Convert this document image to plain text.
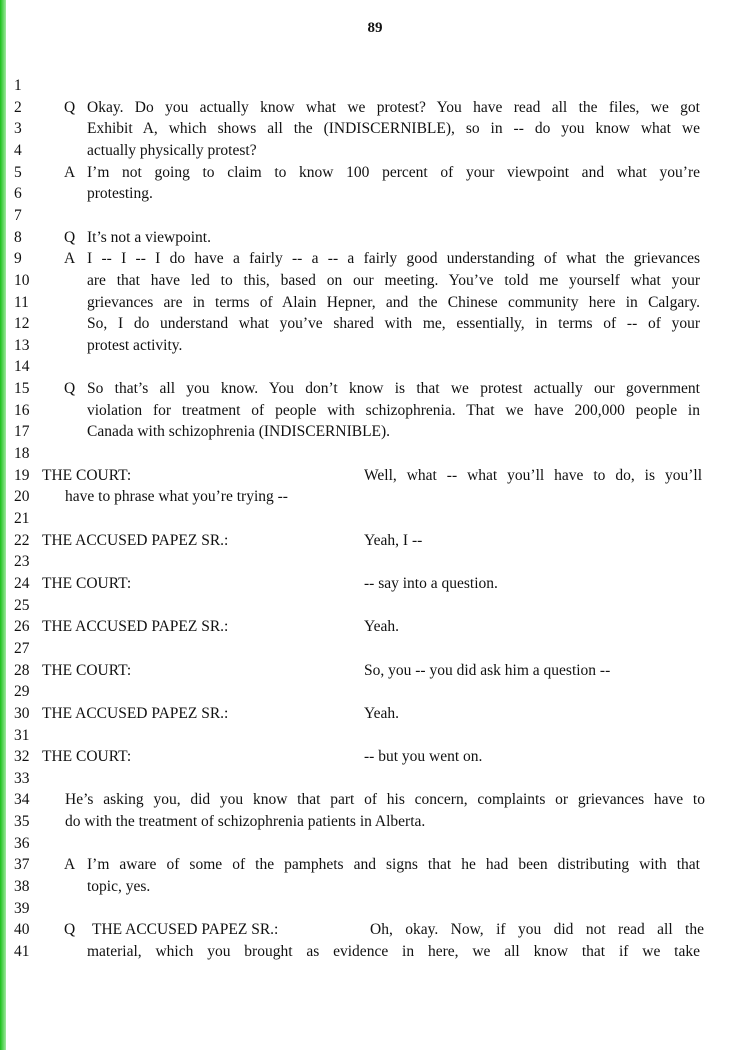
89
1
2	Q Okay. Do you actually know what we protest? You have read all the files, we got
3	Exhibit A, which shows all the (INDISCERNIBLE), so in -- do you know what we
4	actually physically protest?
5	A I’m not going to claim to know 100 percent of your viewpoint and what you’re
6	protesting.
7
8	Q It’s not a viewpoint.
9	A I -- I -- I do have a fairly -- a -- a fairly good understanding of what the grievances
10	are that have led to this, based on our meeting. You’ve told me yourself what your
11	grievances are in terms of Alain Hepner, and the Chinese community here in Calgary.
12	So, I do understand what you’ve shared with me, essentially, in terms of -- of your
13	protest activity.
14
15	Q So that’s all you know. You don’t know is that we protest actually our government
16	violation for treatment of people with schizophrenia. That we have 200,000 people in
17	Canada with schizophrenia (INDISCERNIBLE).
18
19 THE COURT:	Well, what -- what you’ll have to do, is you’ll
20	have to phrase what you’re trying --
21
22 THE ACCUSED PAPEZ SR.:	Yeah, I --
23
24 THE COURT:	-- say into a question.
25
26 THE ACCUSED PAPEZ SR.:	Yeah.
27
28 THE COURT:	So, you -- you did ask him a question --
29
30 THE ACCUSED PAPEZ SR.:	Yeah.
31
32 THE COURT:	-- but you went on.
33
34	He’s asking you, did you know that part of his concern, complaints or grievances have to
35	do with the treatment of schizophrenia patients in Alberta.
36
37	A I’m aware of some of the pamphets and signs that he had been distributing with that
38	topic, yes.
39
40	Q	THE ACCUSED PAPEZ SR.:	Oh, okay. Now, if you did not read all the
41	material, which you brought as evidence in here, we all know that if we take
